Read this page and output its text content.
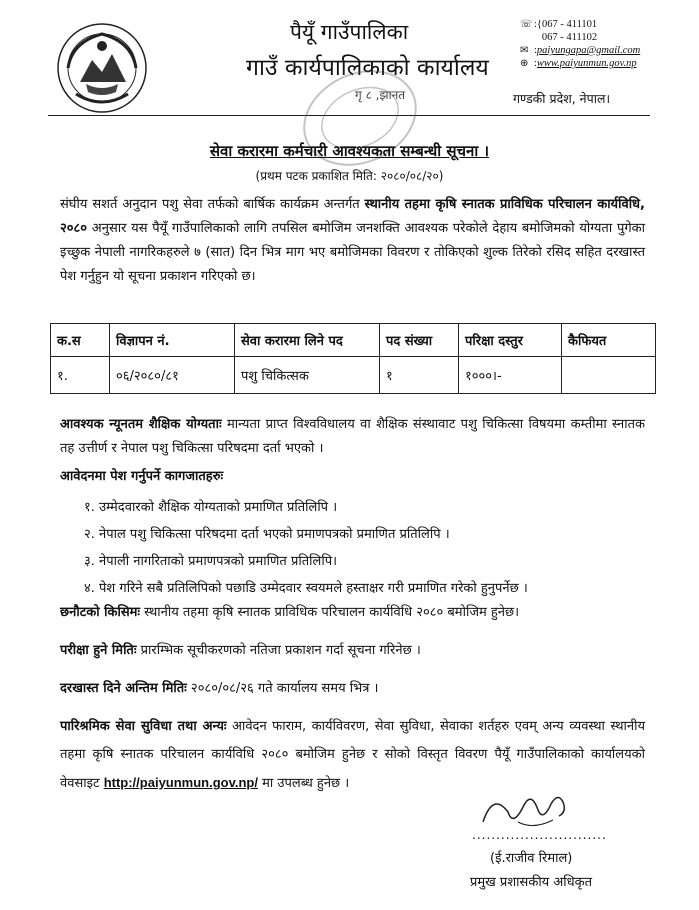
पैयूँ गाउँपालिका
गाउँ कार्यपालिकाको कार्यालय
गृ ८ ,झानत
☏ :{ 067 - 411101

067 - 411102
✉ : paiyungapa@gmail.com
⊕ : www.paiyunmun.gov.np
गण्डकी प्रदेश, नेपाल।
सेवा करारमा कर्मचारी आवश्यकता सम्बन्धी सूचना ।
(प्रथम पटक प्रकाशित मिति: २०८०/०८/२०)
संघीय सशर्त अनुदान पशु सेवा तर्फको बार्षिक कार्यक्रम अन्तर्गत स्थानीय तहमा कृषि स्नातक प्राविधिक परिचालन कार्यविधि, २०८० अनुसार यस पैयूँ गाउँपालिकाको लागि तपसिल बमोजिम जनशक्ति आवश्यक परेकोले देहाय बमोजिमको योग्यता पुगेका इच्छुक नेपाली नागरिकहरुले ७ (सात) दिन भित्र माग भए बमोजिमका विवरण र तोकिएको शुल्क तिरेको रसिद सहित दरखास्त पेश गर्नुहुन यो सूचना प्रकाशन गरिएको छ।
क.स	विज्ञापन नं.	सेवा करारमा लिने पद	पद संख्या	परिक्षा दस्तुर	कैफियत
१.	०६/२०८०/८१	पशु चिकित्सक	१	१०००।-	
आवश्यक न्यूनतम शैक्षिक योग्यताः मान्यता प्राप्त विश्वविधालय वा शैक्षिक संस्थावाट पशु चिकित्सा विषयमा कम्तीमा स्नातक तह उत्तीर्ण र नेपाल पशु चिकित्सा परिषदमा दर्ता भएको ।
आवेदनमा पेश गर्नुपर्ने कागजातहरुः
१. उम्मेदवारको शैक्षिक योग्यताको प्रमाणित प्रतिलिपि ।
२. नेपाल पशु चिकित्सा परिषदमा दर्ता भएको प्रमाणपत्रको प्रमाणित प्रतिलिपि ।
३. नेपाली नागरिताको प्रमाणपत्रको प्रमाणित प्रतिलिपि।
४. पेश गरिने सबै प्रतिलिपिको पछाडि उम्मेदवार स्वयमले हस्ताक्षर गरी प्रमाणित गरेको हुनुपर्नेछ ।
छनौटको किसिमः स्थानीय तहमा कृषि स्नातक प्राविधिक परिचालन कार्यविधि २०८० बमोजिम हुनेछ।
परीक्षा हुने मितिः प्रारम्भिक सूचीकरणको नतिजा प्रकाशन गर्दा सूचना गरिनेछ ।
दरखास्त दिने अन्तिम मितिः २०८०/०८/२६ गते कार्यालय समय भित्र ।
पारिश्रमिक सेवा सुविधा तथा अन्यः आवेदन फाराम, कार्यविवरण, सेवा सुविधा, सेवाका शर्तहरु एवम् अन्य व्यवस्था स्थानीय तहमा कृषि स्नातक परिचालन कार्यविधि २०८० बमोजिम हुनेछ र सोको विस्तृत विवरण पैयूँ गाउँपालिकाको कार्यालयको वेवसाइट http://paiyunmun.gov.np/ मा उपलब्ध हुनेछ ।
............................
(ई.राजीव रिमाल)
प्रमुख प्रशासकीय अधिकृत
